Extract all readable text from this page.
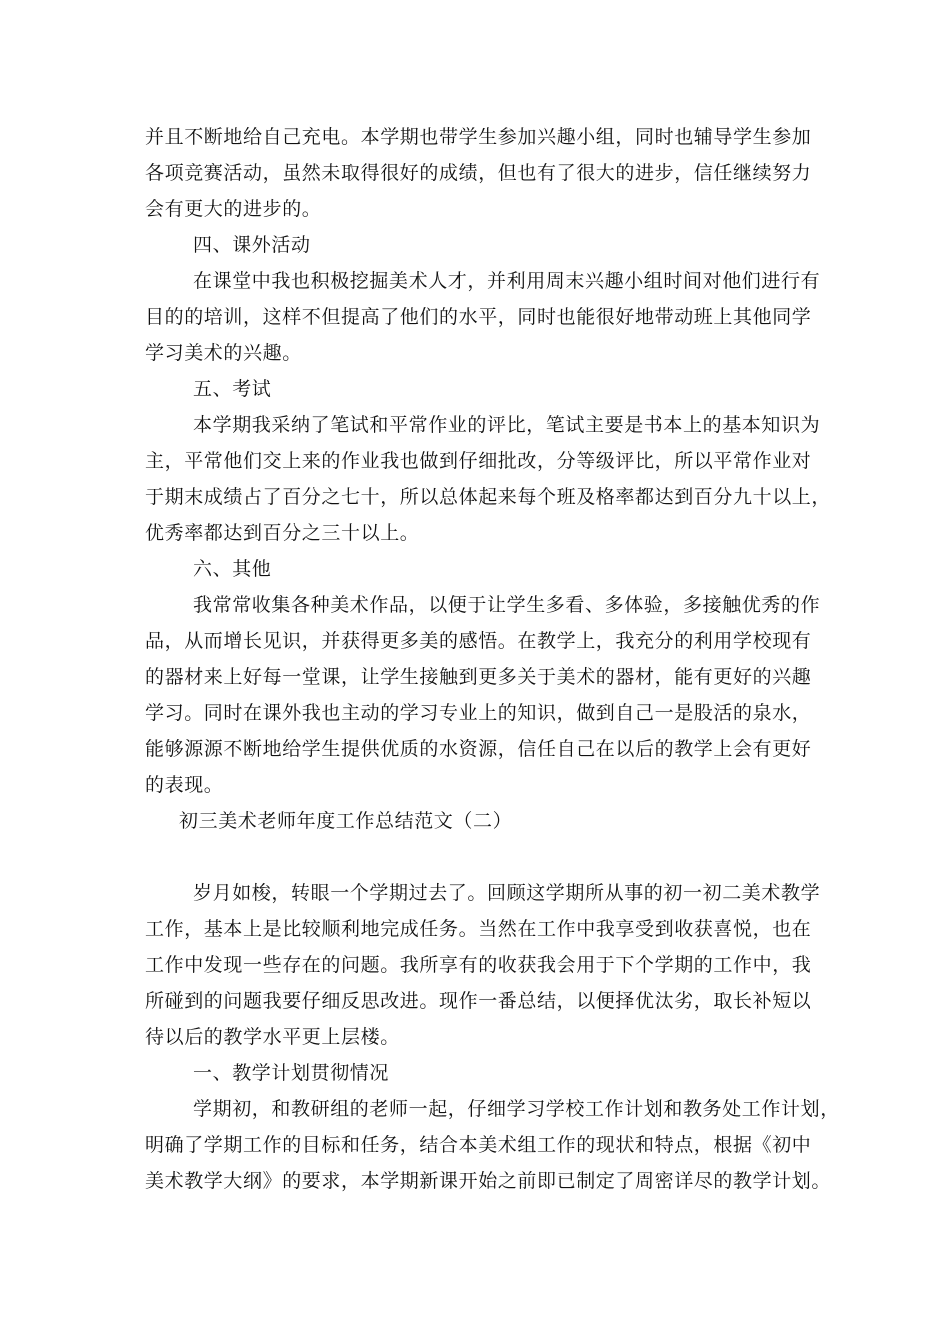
并且不断地给自己充电。本学期也带学生参加兴趣小组，同时也辅导学生参加
各项竞赛活动，虽然未取得很好的成绩，但也有了很大的进步，信任继续努力
会有更大的进步的。
四、课外活动
在课堂中我也积极挖掘美术人才，并利用周末兴趣小组时间对他们进行有
目的的培训，这样不但提高了他们的水平，同时也能很好地带动班上其他同学
学习美术的兴趣。
五、考试
本学期我采纳了笔试和平常作业的评比，笔试主要是书本上的基本知识为
主，平常他们交上来的作业我也做到仔细批改，分等级评比，所以平常作业对
于期末成绩占了百分之七十，所以总体起来每个班及格率都达到百分九十以上，
优秀率都达到百分之三十以上。
六、其他
我常常收集各种美术作品，以便于让学生多看、多体验，多接触优秀的作
品，从而增长见识，并获得更多美的感悟。在教学上，我充分的利用学校现有
的器材来上好每一堂课，让学生接触到更多关于美术的器材，能有更好的兴趣
学习。同时在课外我也主动的学习专业上的知识，做到自己一是股活的泉水，
能够源源不断地给学生提供优质的水资源，信任自己在以后的教学上会有更好
的表现。
初三美术老师年度工作总结范文（二）
岁月如梭，转眼一个学期过去了。回顾这学期所从事的初一初二美术教学
工作，基本上是比较顺利地完成任务。当然在工作中我享受到收获喜悦，也在
工作中发现一些存在的问题。我所享有的收获我会用于下个学期的工作中，我
所碰到的问题我要仔细反思改进。现作一番总结，以便择优汰劣，取长补短以
待以后的教学水平更上层楼。
一、教学计划贯彻情况
学期初，和教研组的老师一起，仔细学习学校工作计划和教务处工作计划，
明确了学期工作的目标和任务，结合本美术组工作的现状和特点，根据《初中
美术教学大纲》的要求，本学期新课开始之前即已制定了周密详尽的教学计划。
